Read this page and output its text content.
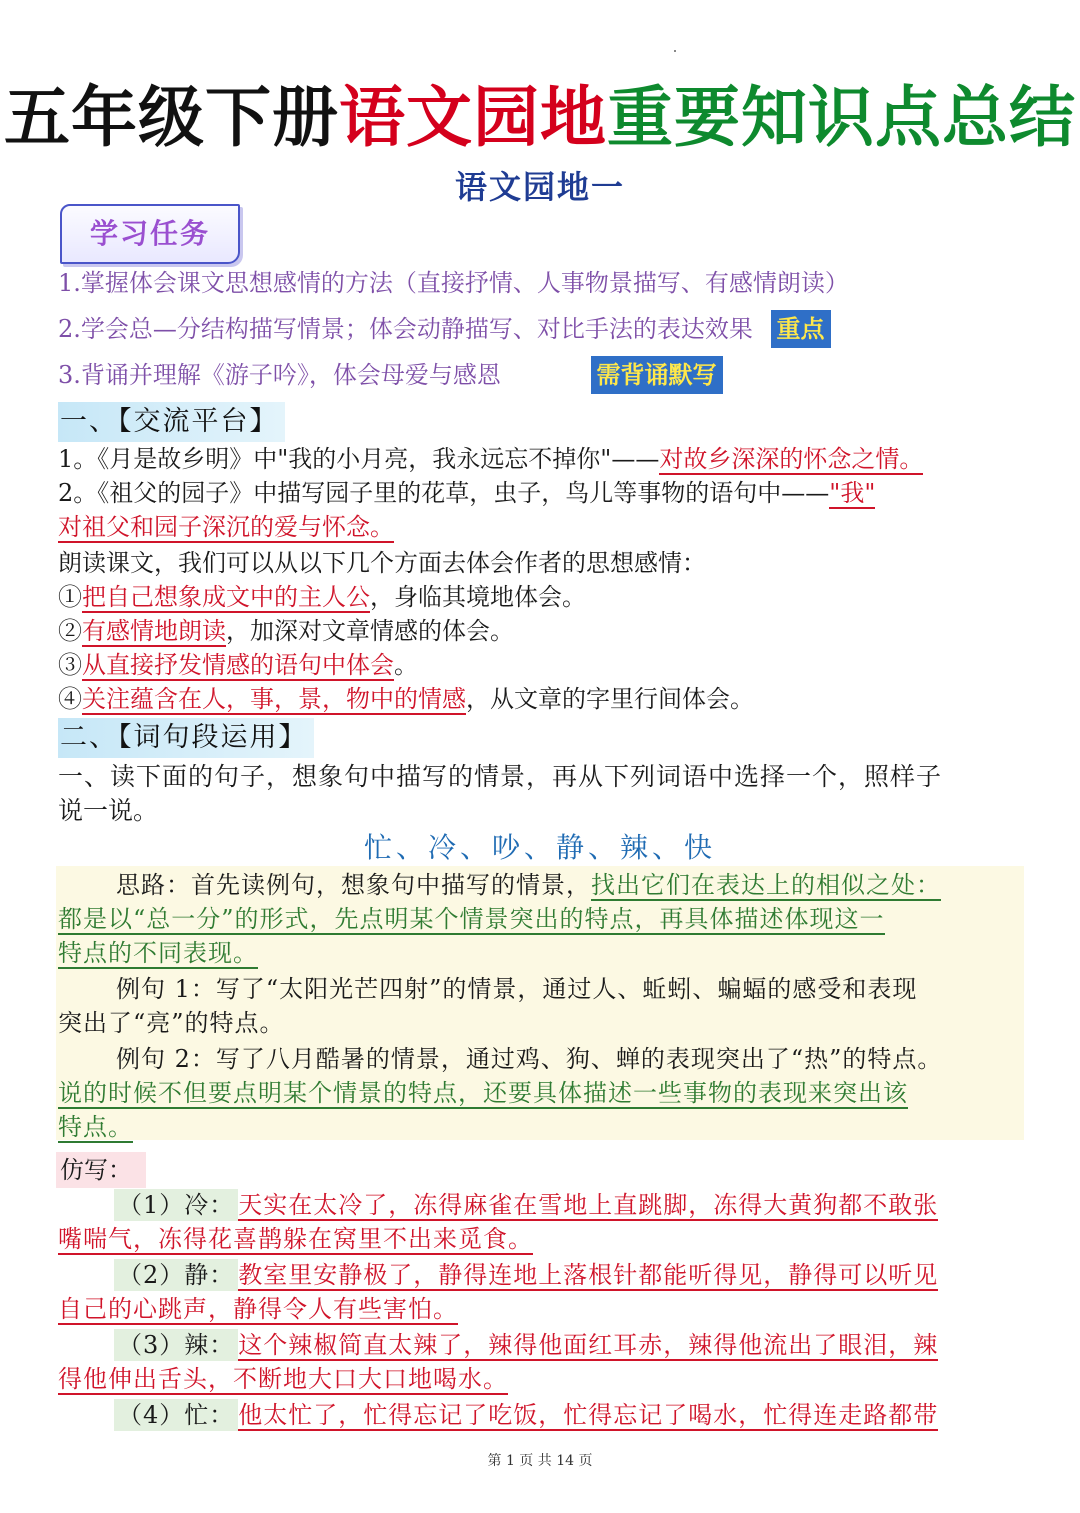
五年级下册语文园地重要知识点总结
语文园地一
学习任务
1.掌握体会课文思想感情的方法（直接抒情、人事物景描写、有感情朗读）
2.学会总—分结构描写情景；体会动静描写、对比手法的表达效果 重点
3.背诵并理解《游子吟》，体会母爱与感恩	需背诵默写
一、【交流平台】
1。《月是故乡明》中"我的小月亮，我永远忘不掉你"——对故乡深深的怀念之情。
2。《祖父的园子》中描写园子里的花草，虫子，鸟儿等事物的语句中——"我"
对祖父和园子深沉的爱与怀念。
朗读课文，我们可以从以下几个方面去体会作者的思想感情：
①把自己想象成文中的主人公，身临其境地体会。
②有感情地朗读，加深对文章情感的体会。
③从直接抒发情感的语句中体会。
④关注蕴含在人，事，景，物中的情感，从文章的字里行间体会。
二、【词句段运用】
一、读下面的句子，想象句中描写的情景，再从下列词语中选择一个，照样子
说一说。
忙、冷、吵、静、辣、快
思路：首先读例句，想象句中描写的情景，找出它们在表达上的相似之处：
都是以“总一分”的形式，先点明某个情景突出的特点，再具体描述体现这一
特点的不同表现。
例句 1：写了“太阳光芒四射”的情景，通过人、蚯蚓、蝙蝠的感受和表现
突出了“亮”的特点。
例句 2：写了八月酷暑的情景，通过鸡、狗、蝉的表现突出了“热”的特点。
说的时候不但要点明某个情景的特点，还要具体描述一些事物的表现来突出该
特点。
仿写：
（1）冷： 天实在太冷了，冻得麻雀在雪地上直跳脚，冻得大黄狗都不敢张
嘴喘气，冻得花喜鹊躲在窝里不出来觅食。
（2）静： 教室里安静极了，静得连地上落根针都能听得见，静得可以听见
自己的心跳声，静得令人有些害怕。
（3）辣： 这个辣椒简直太辣了，辣得他面红耳赤，辣得他流出了眼泪，辣
得他伸出舌头，不断地大口大口地喝水。
（4）忙： 他太忙了，忙得忘记了吃饭，忙得忘记了喝水，忙得连走路都带
第 1 页 共 14 页
